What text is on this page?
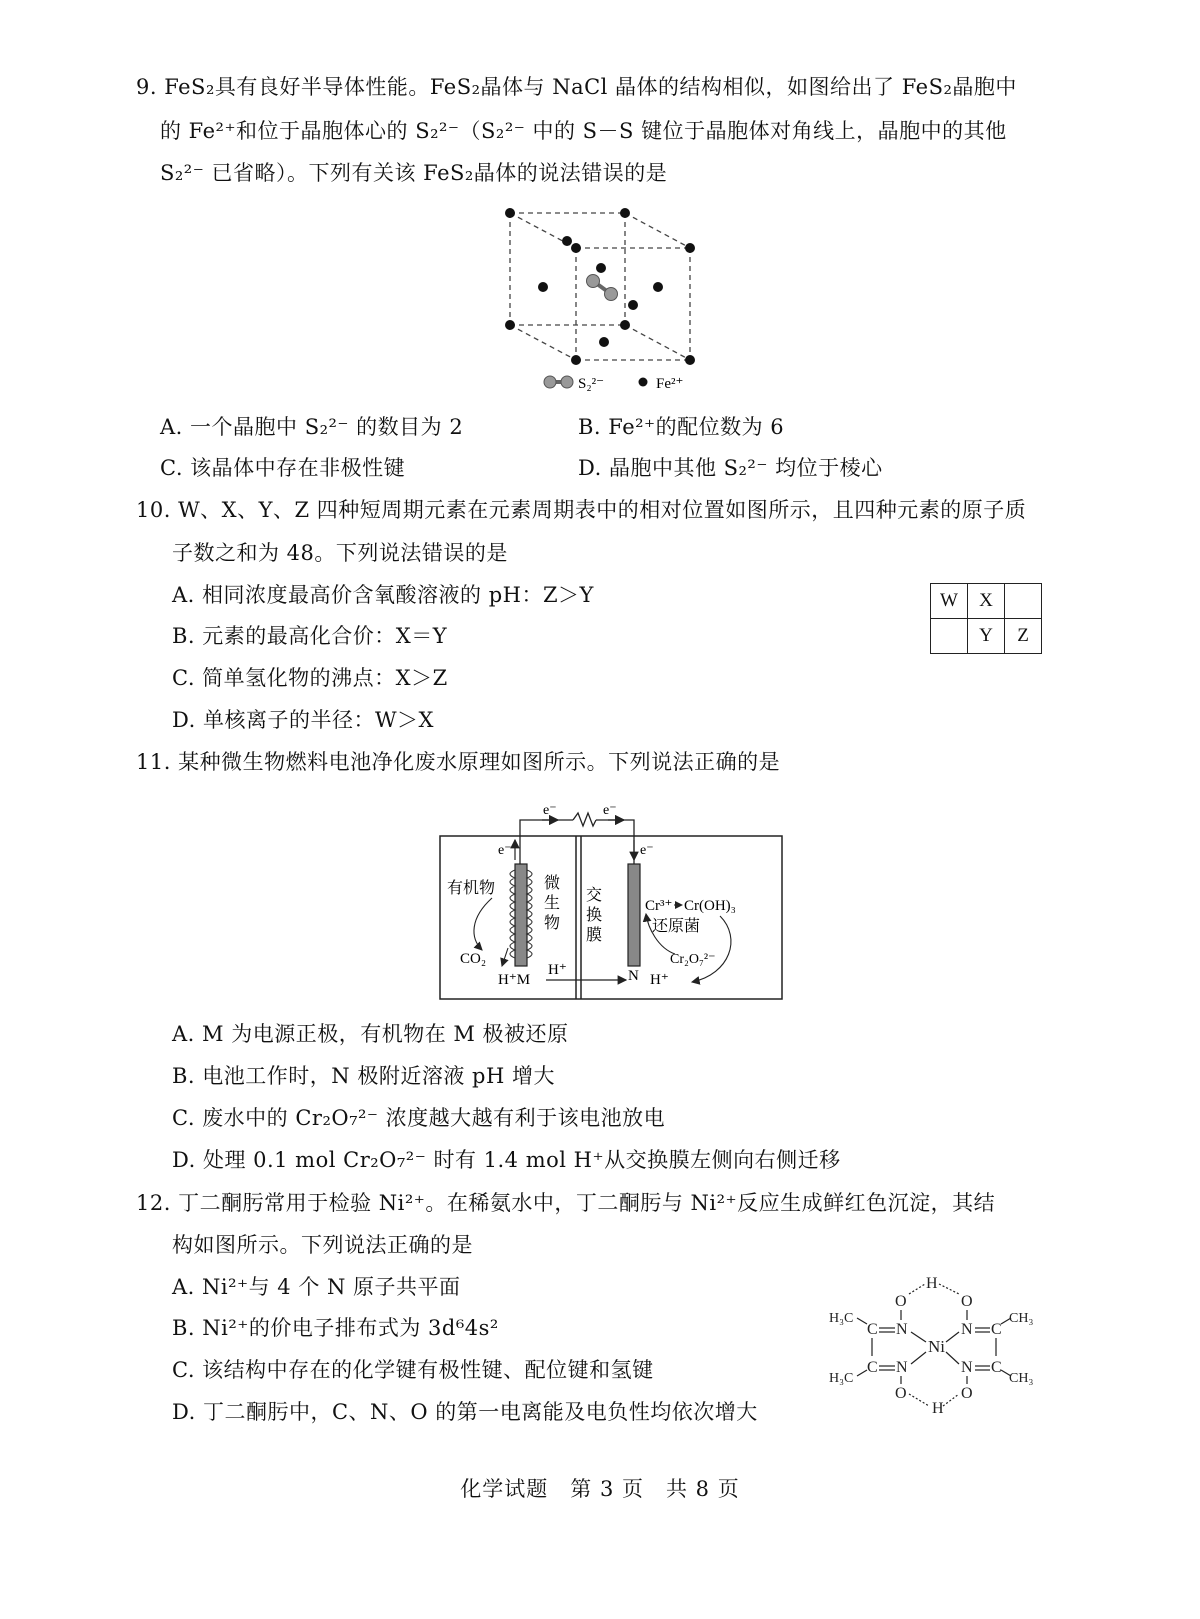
9. FeS₂具有良好半导体性能。FeS₂晶体与 NaCl 晶体的结构相似，如图给出了 FeS₂晶胞中
的 Fe²⁺和位于晶胞体心的 S₂²⁻（S₂²⁻ 中的 S－S 键位于晶胞体对角线上，晶胞中的其他
S₂²⁻ 已省略）。下列有关该 FeS₂晶体的说法错误的是
S₂²⁻	Fe²⁺
A. 一个晶胞中 S₂²⁻ 的数目为 2	B. Fe²⁺的配位数为 6
C. 该晶体中存在非极性键	D. 晶胞中其他 S₂²⁻ 均位于棱心
10. W、X、Y、Z 四种短周期元素在元素周期表中的相对位置如图所示，且四种元素的原子质
子数之和为 48。下列说法错误的是
A. 相同浓度最高价含氧酸溶液的 pH：Z＞Y
B. 元素的最高化合价：X＝Y
C. 简单氢化物的沸点：X＞Z
D. 单核离子的半径：W＞X
W	X	
	Y	Z
11. 某种微生物燃料电池净化废水原理如图所示。下列说法正确的是
e⁻	e⁻
e⁻	e⁻
有机物
CO₂
H⁺M
微生物
交换膜
H⁺	N
Cr³⁺ Cr(OH)₃
还原菌
Cr₂O₇²⁻
H⁺
A. M 为电源正极，有机物在 M 极被还原
B. 电池工作时，N 极附近溶液 pH 增大
C. 废水中的 Cr₂O₇²⁻ 浓度越大越有利于该电池放电
D. 处理 0.1 mol Cr₂O₇²⁻ 时有 1.4 mol H⁺从交换膜左侧向右侧迁移
12. 丁二酮肟常用于检验 Ni²⁺。在稀氨水中，丁二酮肟与 Ni²⁺反应生成鲜红色沉淀，其结
构如图所示。下列说法正确的是
A. Ni²⁺与 4 个 N 原子共平面
B. Ni²⁺的价电子排布式为 3d⁶4s²
C. 该结构中存在的化学键有极性键、配位键和氢键
D. 丁二酮肟中，C、N、O 的第一电离能及电负性均依次增大
Ni
H
H
O	O
O	O
N	N
N	N
C
C
C
C
H₃C
H₃C
CH₃
CH₃
化学试题　第 3 页　共 8 页
